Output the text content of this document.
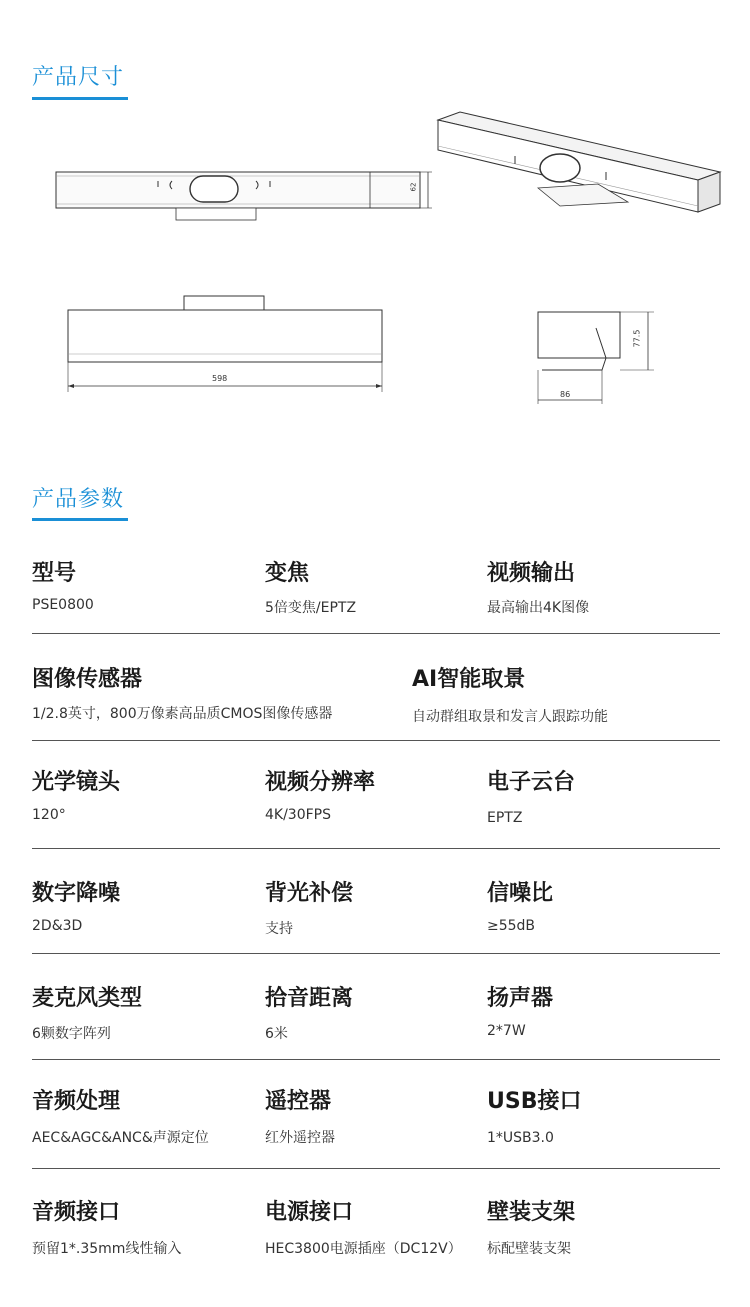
产品尺寸
62
598
77.5
86
产品参数
型号
PSE0800
变焦
5倍变焦/EPTZ
视频输出
最高输出4K图像
图像传感器
1/2.8英寸，800万像素高品质CMOS图像传感器
AI智能取景
自动群组取景和发言人跟踪功能
光学镜头
120°
视频分辨率
4K/30FPS
电子云台
EPTZ
数字降噪
2D&3D
背光补偿
支持
信噪比
≥55dB
麦克风类型
6颗数字阵列
拾音距离
6米
扬声器
2*7W
音频处理
AEC&AGC&ANC&声源定位
遥控器
红外遥控器
USB接口
1*USB3.0
音频接口
预留1*.35mm线性输入
电源接口
HEC3800电源插座（DC12V）
壁装支架
标配壁装支架
